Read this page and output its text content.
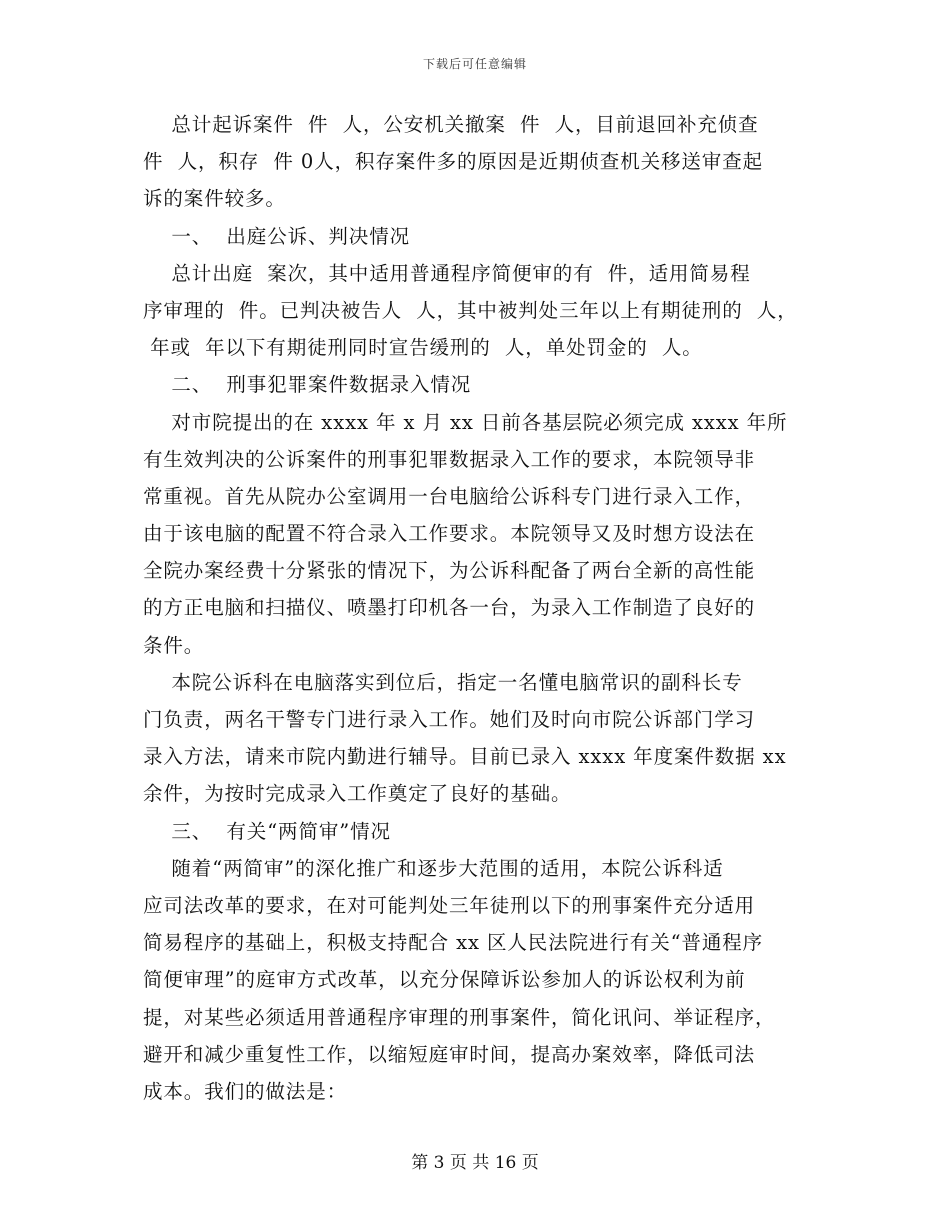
下载后可任意编辑
总计起诉案件  件  人，公安机关撤案  件  人，目前退回补充侦查
件  人，积存  件 0人，积存案件多的原因是近期侦查机关移送审查起
诉的案件较多。
一、  出庭公诉、判决情况
总计出庭  案次，其中适用普通程序简便审的有  件，适用简易程
序审理的  件。已判决被告人  人，其中被判处三年以上有期徒刑的  人，
年或  年以下有期徒刑同时宣告缓刑的  人，单处罚金的  人。
二、  刑事犯罪案件数据录入情况
对市院提出的在 xxxx 年 x 月 xx 日前各基层院必须完成 xxxx 年所
有生效判决的公诉案件的刑事犯罪数据录入工作的要求，本院领导非
常重视。首先从院办公室调用一台电脑给公诉科专门进行录入工作，
由于该电脑的配置不符合录入工作要求。本院领导又及时想方设法在
全院办案经费十分紧张的情况下，为公诉科配备了两台全新的高性能
的方正电脑和扫描仪、喷墨打印机各一台，为录入工作制造了良好的
条件。
本院公诉科在电脑落实到位后，指定一名懂电脑常识的副科长专
门负责，两名干警专门进行录入工作。她们及时向市院公诉部门学习
录入方法，请来市院内勤进行辅导。目前已录入 xxxx 年度案件数据 xx
余件，为按时完成录入工作奠定了良好的基础。
三、  有关“两简审”情况
随着“两简审”的深化推广和逐步大范围的适用，本院公诉科适
应司法改革的要求，在对可能判处三年徒刑以下的刑事案件充分适用
简易程序的基础上，积极支持配合 xx 区人民法院进行有关“普通程序
简便审理”的庭审方式改革，以充分保障诉讼参加人的诉讼权利为前
提，对某些必须适用普通程序审理的刑事案件，简化讯问、举证程序，
避开和减少重复性工作，以缩短庭审时间，提高办案效率，降低司法
成本。我们的做法是：
第 3 页 共 16 页
